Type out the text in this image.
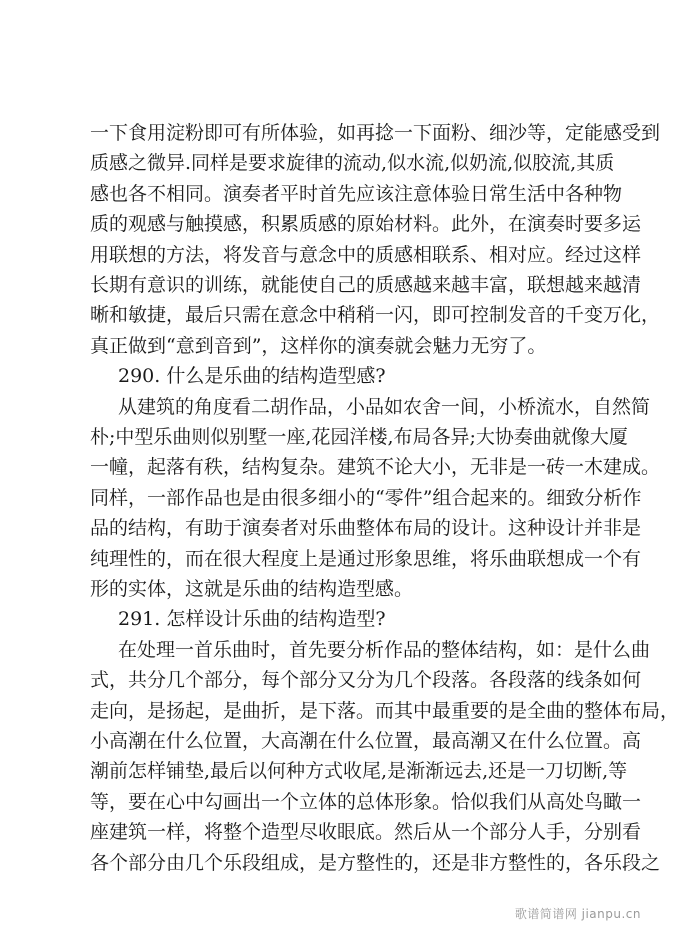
一下食用淀粉即可有所体验，如再捻一下面粉、细沙等，定能感受到
质感之微异.同样是要求旋律的流动,似水流,似奶流,似胶流,其质
感也各不相同。演奏者平时首先应该注意体验日常生活中各种物
质的观感与触摸感，积累质感的原始材料。此外，在演奏时要多运
用联想的方法，将发音与意念中的质感相联系、相对应。经过这样
长期有意识的训练，就能使自己的质感越来越丰富，联想越来越清
晰和敏捷，最后只需在意念中稍稍一闪，即可控制发音的千变万化，
真正做到“意到音到”，这样你的演奏就会魅力无穷了。
290. 什么是乐曲的结构造型感?
从建筑的角度看二胡作品，小品如农舍一间，小桥流水，自然简
朴;中型乐曲则似别墅一座,花园洋楼,布局各异;大协奏曲就像大厦
一幢，起落有秩，结构复杂。建筑不论大小，无非是一砖一木建成。
同样，一部作品也是由很多细小的“零件”组合起来的。细致分析作
品的结构，有助于演奏者对乐曲整体布局的设计。这种设计并非是
纯理性的，而在很大程度上是通过形象思维，将乐曲联想成一个有
形的实体，这就是乐曲的结构造型感。
291. 怎样设计乐曲的结构造型?
在处理一首乐曲时，首先要分析作品的整体结构，如：是什么曲
式，共分几个部分，每个部分又分为几个段落。各段落的线条如何
走向，是扬起，是曲折，是下落。而其中最重要的是全曲的整体布局，
小高潮在什么位置，大高潮在什么位置，最高潮又在什么位置。高
潮前怎样铺垫,最后以何种方式收尾,是渐渐远去,还是一刀切断,等
等，要在心中勾画出一个立体的总体形象。恰似我们从高处鸟瞰一
座建筑一样，将整个造型尽收眼底。然后从一个部分人手，分别看
各个部分由几个乐段组成，是方整性的，还是非方整性的，各乐段之
歌谱简谱网 jianpu.cn
